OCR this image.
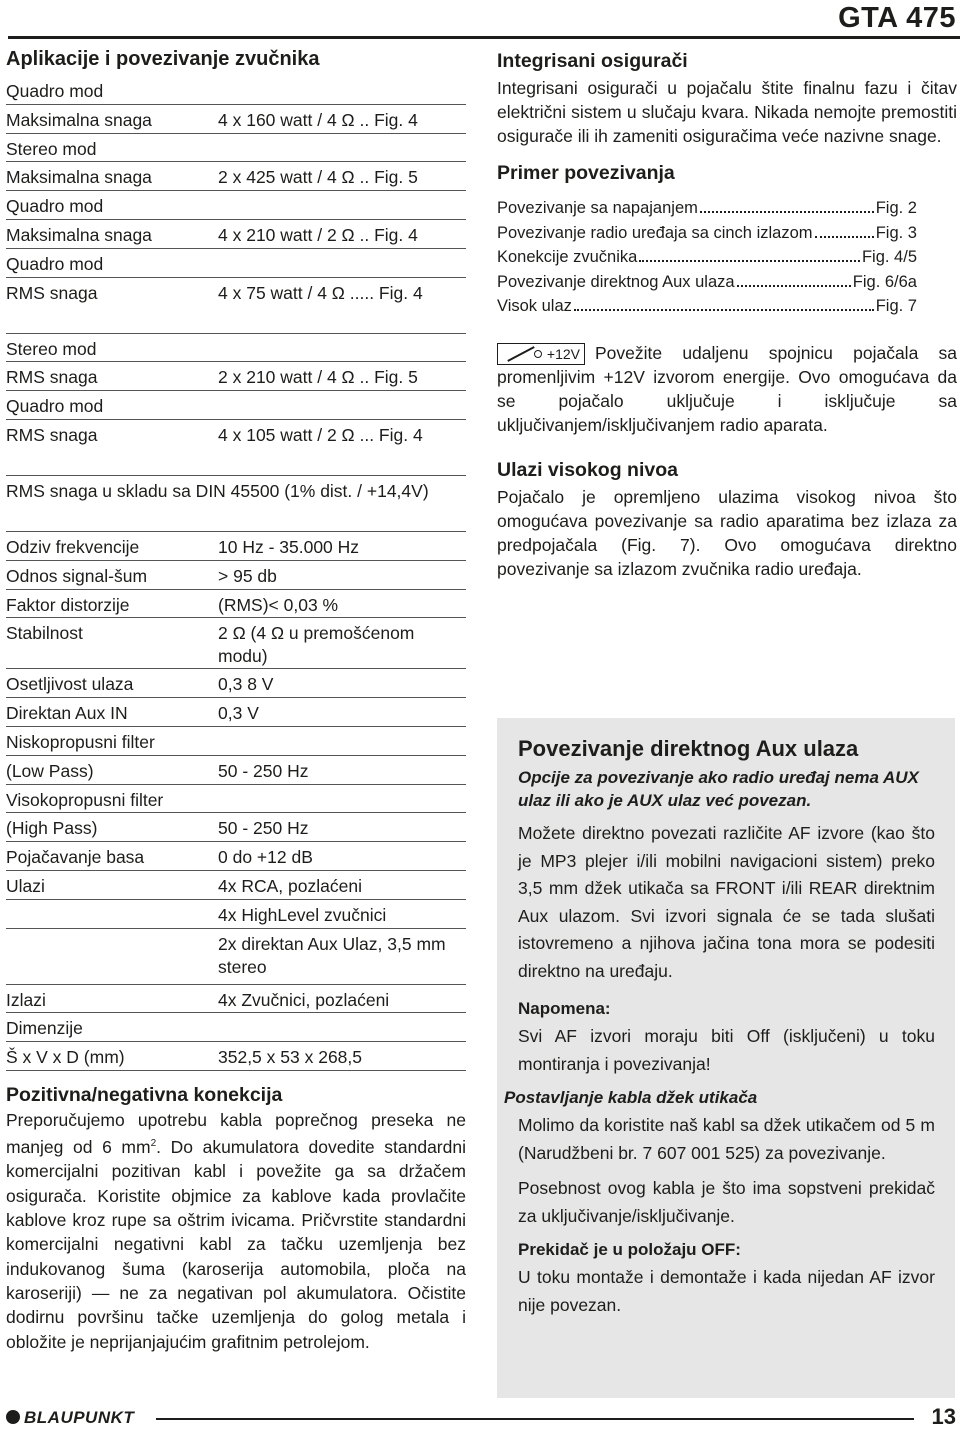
GTA 475
Aplikacije i povezivanje zvučnika
Quadro mod
Maksimalna snaga	4 x 160 watt / 4 Ω .. Fig. 4
Stereo mod
Maksimalna snaga	2 x 425 watt / 4 Ω .. Fig. 5
Quadro mod
Maksimalna snaga	4 x 210 watt / 2 Ω .. Fig. 4
Quadro mod
RMS snaga	4 x 75 watt / 4 Ω ..... Fig. 4
Stereo mod
RMS snaga	2 x 210 watt / 4 Ω .. Fig. 5
Quadro mod
RMS snaga	4 x 105 watt / 2 Ω ... Fig. 4
RMS snaga u skladu sa DIN 45500 (1% dist. / +14,4V)
Odziv frekvencije	10 Hz - 35.000 Hz
Odnos signal-šum	> 95 db
Faktor distorzije	(RMS)< 0,03 %
Stabilnost	2 Ω (4 Ω u premošćenom modu)
Osetljivost ulaza	0,3 8 V
Direktan Aux IN	0,3 V
Niskopropusni filter
(Low Pass)	50 - 250 Hz
Visokopropusni filter
(High Pass)	50 - 250 Hz
Pojačavanje basa	0 do +12 dB
Ulazi	4x RCA, pozlaćeni
4x HighLevel zvučnici
2x direktan Aux Ulaz, 3,5 mm stereo
Izlazi	4x Zvučnici, pozlaćeni
Dimenzije
Š x V x D (mm)	352,5 x 53 x 268,5
Pozitivna/negativna konekcija

Preporučujemo upotrebu kabla poprečnog preseka ne manjeg od 6 $mm^2$. Do akumulatora dovedite standardni komercijalni pozitivan kabl i povežite ga sa držačem osigurača. Koristite objmice za kablove kada provlačite kablove kroz rupe sa oštrim ivicama. Pričvrstite standardni komercijalni negativni kabl za tačku uzemljenja bez indukovanog šuma (karoserija automobila, ploča na karoseriji) — ne za negativan pol akumulatora. Očistite dodirnu površinu tačke uzemljenja do golog metala i obložite je neprijanjajućim grafitnim petrolejom.

Integrisani osigurači

Integrisani osigurači u pojačalu štite finalnu fazu i čitav električni sistem u slučaju kvara. Nikada nemojte premostiti osigurače ili ih zameniti osiguračima veće nazivne snage.

Primer povezivanja
Povezivanje sa napajanjem	Fig. 2
Povezivanje radio uređaja sa cinch izlazom	Fig. 3
Konekcije zvučnika	Fig. 4/5
Povezivanje direktnog Aux ulaza	Fig. 6/6a
Visok ulaz	Fig. 7

+12V Povežite udaljenu spojnicu pojačala sa promenljivim +12V izvorom energije. Ovo omogućava da se pojačalo uključuje i isključuje sa uključivanjem/isključivanjem radio aparata.

Ulazi visokog nivoa

Pojačalo je opremljeno ulazima visokog nivoa što omogućava povezivanje sa radio aparatima bez izlaza za predpojačala (Fig. 7). Ovo omogućava direktno povezivanje sa izlazom zvučnika radio uređaja.

Povezivanje direktnog Aux ulaza

Opcije za povezivanje ako radio uređaj nema AUX ulaz ili ako je AUX ulaz već povezan.

Možete direktno povezati različite AF izvore (kao što je MP3 plejer i/ili mobilni navigacioni sistem) preko 3,5 mm džek utikača sa FRONT i/ili REAR direktnim Aux ulazom. Svi izvori signala će se tada slušati istovremeno a njihova jačina tona mora se podesiti direktno na uređaju.

Napomena:

Svi AF izvori moraju biti Off (isključeni) u toku montiranja i povezivanja!

Postavljanje kabla džek utikača

Molimo da koristite naš kabl sa džek utikačem od 5 m (Narudžbeni br. 7 607 001 525) za povezivanje.

Posebnost ovog kabla je što ima sopstveni prekidač za uključivanje/isključivanje.

Prekidač je u položaju OFF:

U toku montaže i demontaže i kada nijedan AF izvor nije povezan.

BLAUPUNKT	13
